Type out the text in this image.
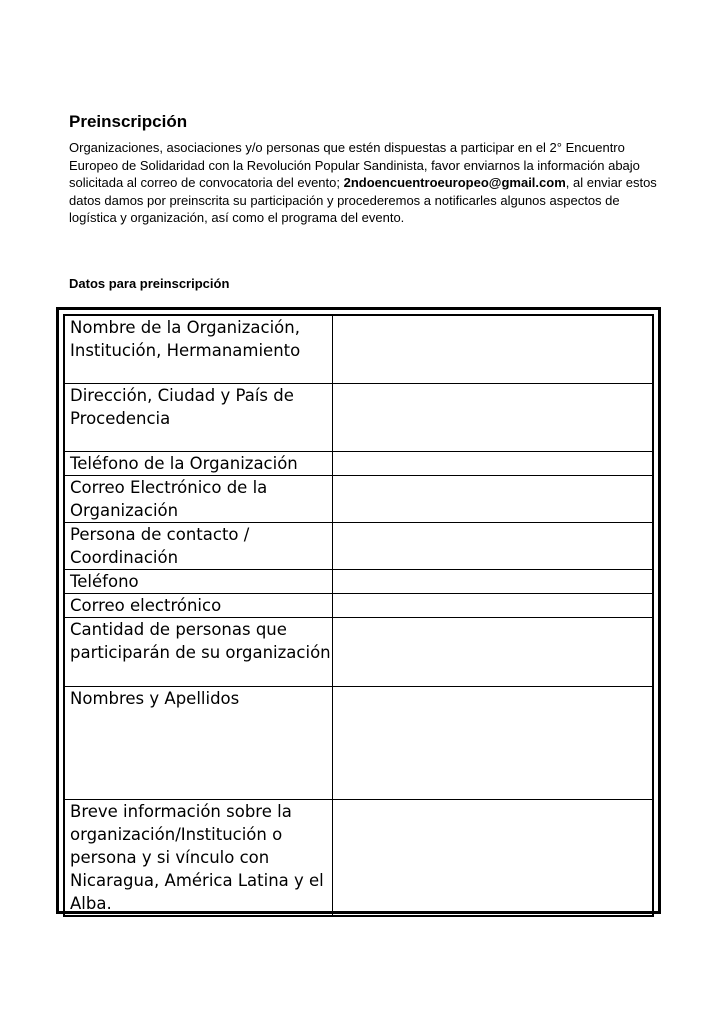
Preinscripción

Organizaciones, asociaciones y/o personas que estén dispuestas a participar en el 2° Encuentro Europeo de Solidaridad con la Revolución Popular Sandinista, favor enviarnos la información abajo solicitada al correo de convocatoria del evento; 2ndoencuentroeuropeo@gmail.com, al enviar estos datos damos por preinscrita su participación y procederemos a notificarles algunos aspectos de logística y organización, así como el programa del evento.

Datos para preinscripción
Nombre de la Organización, Institución, Hermanamiento	
Dirección, Ciudad y País de Procedencia	
Teléfono de la Organización	
Correo Electrónico de la Organización	
Persona de contacto / Coordinación	
Teléfono	
Correo electrónico	
Cantidad de personas que participarán de su organización	
Nombres y Apellidos	
Breve información sobre la organización/Institución o persona y si vínculo con Nicaragua, América Latina y el Alba.	
